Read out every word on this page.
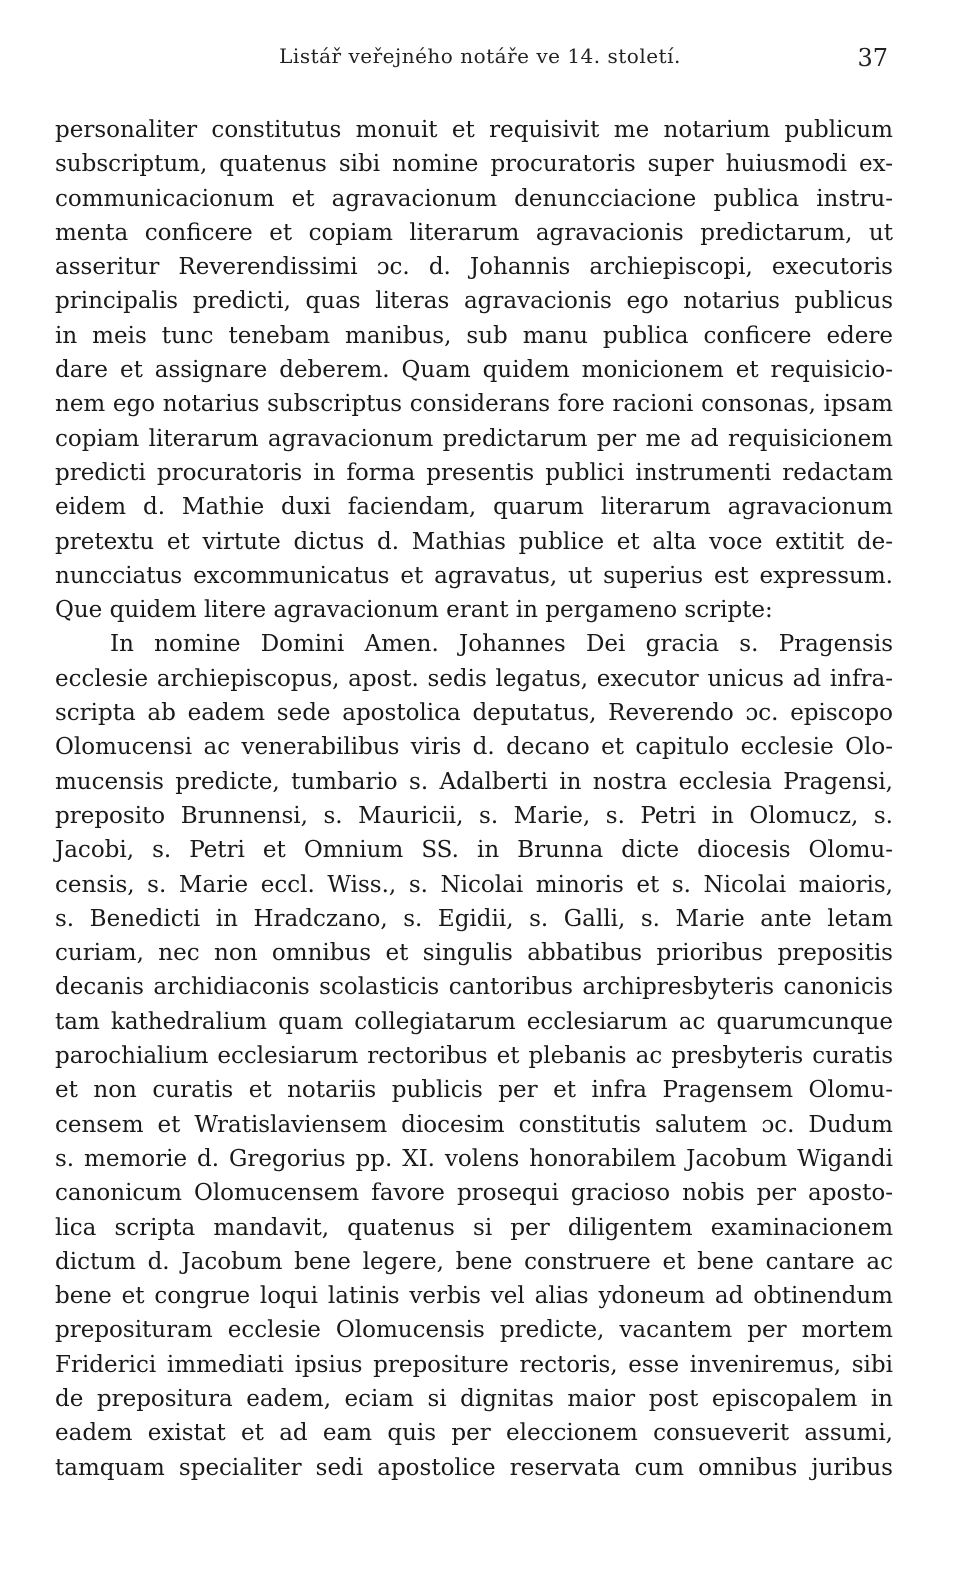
Listář veřejného notáře ve 14. století.	37
personaliter constitutus monuit et requisivit me notarium publicum
subscriptum, quatenus sibi nomine procuratoris super huiusmodi ex-
communicacionum et agravacionum denuncciacione publica instru-
menta conficere et copiam literarum agravacionis predictarum, ut
asseritur Reverendissimi ɔc. d. Johannis archiepiscopi, executoris
principalis predicti, quas literas agravacionis ego notarius publicus
in meis tunc tenebam manibus, sub manu publica conficere edere
dare et assignare deberem. Quam quidem monicionem et requisicio-
nem ego notarius subscriptus considerans fore racioni consonas, ipsam
copiam literarum agravacionum predictarum per me ad requisicionem
predicti procuratoris in forma presentis publici instrumenti redactam
eidem d. Mathie duxi faciendam, quarum literarum agravacionum
pretextu et virtute dictus d. Mathias publice et alta voce extitit de-
nuncciatus excommunicatus et agravatus, ut superius est expressum.
Que quidem litere agravacionum erant in pergameno scripte:
In nomine Domini Amen. Johannes Dei gracia s. Pragensis
ecclesie archiepiscopus, apost. sedis legatus, executor unicus ad infra-
scripta ab eadem sede apostolica deputatus, Reverendo ɔc. episcopo
Olomucensi ac venerabilibus viris d. decano et capitulo ecclesie Olo-
mucensis predicte, tumbario s. Adalberti in nostra ecclesia Pragensi,
preposito Brunnensi, s. Mauricii, s. Marie, s. Petri in Olomucz, s.
Jacobi, s. Petri et Omnium SS. in Brunna dicte diocesis Olomu-
censis, s. Marie eccl. Wiss., s. Nicolai minoris et s. Nicolai maioris,
s. Benedicti in Hradczano, s. Egidii, s. Galli, s. Marie ante letam
curiam, nec non omnibus et singulis abbatibus prioribus prepositis
decanis archidiaconis scolasticis cantoribus archipresbyteris canonicis
tam kathedralium quam collegiatarum ecclesiarum ac quarumcunque
parochialium ecclesiarum rectoribus et plebanis ac presbyteris curatis
et non curatis et notariis publicis per et infra Pragensem Olomu-
censem et Wratislaviensem diocesim constitutis salutem ɔc. Dudum
s. memorie d. Gregorius pp. XI. volens honorabilem Jacobum Wigandi
canonicum Olomucensem favore prosequi gracioso nobis per aposto-
lica scripta mandavit, quatenus si per diligentem examinacionem
dictum d. Jacobum bene legere, bene construere et bene cantare ac
bene et congrue loqui latinis verbis vel alias ydoneum ad obtinendum
preposituram ecclesie Olomucensis predicte, vacantem per mortem
Friderici immediati ipsius prepositure rectoris, esse inveniremus, sibi
de prepositura eadem, eciam si dignitas maior post episcopalem in
eadem existat et ad eam quis per eleccionem consueverit assumi,
tamquam specialiter sedi apostolice reservata cum omnibus juribus
